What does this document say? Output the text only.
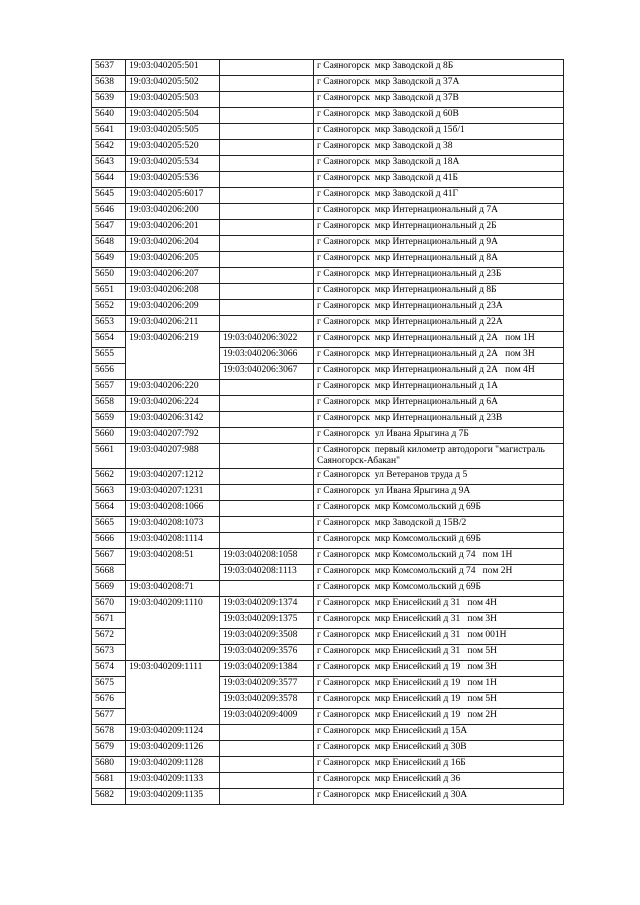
5637	19:03:040205:501		г Саяногорск  мкр Заводской д 8Б
5638	19:03:040205:502		г Саяногорск  мкр Заводской д 37А
5639	19:03:040205:503		г Саяногорск  мкр Заводской д 37В
5640	19:03:040205:504		г Саяногорск  мкр Заводской д 60В
5641	19:03:040205:505		г Саяногорск  мкр Заводской д 15б/1
5642	19:03:040205:520		г Саяногорск  мкр Заводской д 38
5643	19:03:040205:534		г Саяногорск  мкр Заводской д 18А
5644	19:03:040205:536		г Саяногорск  мкр Заводской д 41Б
5645	19:03:040205:6017		г Саяногорск  мкр Заводской д 41Г
5646	19:03:040206:200		г Саяногорск  мкр Интернациональный д 7А
5647	19:03:040206:201		г Саяногорск  мкр Интернациональный д 2Б
5648	19:03:040206:204		г Саяногорск  мкр Интернациональный д 9А
5649	19:03:040206:205		г Саяногорск  мкр Интернациональный д 8А
5650	19:03:040206:207		г Саяногорск  мкр Интернациональный д 23Б
5651	19:03:040206:208		г Саяногорск  мкр Интернациональный д 8Б
5652	19:03:040206:209		г Саяногорск  мкр Интернациональный д 23А
5653	19:03:040206:211		г Саяногорск  мкр Интернациональный д 22А
5654	19:03:040206:219	19:03:040206:3022	г Саяногорск  мкр Интернациональный д 2А   пом 1Н
5655		19:03:040206:3066	г Саяногорск  мкр Интернациональный д 2А   пом 3Н
5656		19:03:040206:3067	г Саяногорск  мкр Интернациональный д 2А   пом 4Н
5657	19:03:040206:220		г Саяногорск  мкр Интернациональный д 1А
5658	19:03:040206:224		г Саяногорск  мкр Интернациональный д 6А
5659	19:03:040206:3142		г Саяногорск  мкр Интернациональный д 23В
5660	19:03:040207:792		г Саяногорск  ул Ивана Ярыгина д 7Б
5661	19:03:040207:988		г Саяногорск  первый километр автодороги "магистраль Саяногорск-Абакан"
5662	19:03:040207:1212		г Саяногорск  ул Ветеранов труда д 5
5663	19:03:040207:1231		г Саяногорск  ул Ивана Ярыгина д 9А
5664	19:03:040208:1066		г Саяногорск  мкр Комсомольский д 69Б
5665	19:03:040208:1073		г Саяногорск  мкр Заводской д 15В/2
5666	19:03:040208:1114		г Саяногорск  мкр Комсомольский д 69Б
5667	19:03:040208:51	19:03:040208:1058	г Саяногорск  мкр Комсомольский д 74   пом 1Н
5668		19:03:040208:1113	г Саяногорск  мкр Комсомольский д 74   пом 2Н
5669	19:03:040208:71		г Саяногорск  мкр Комсомольский д 69Б
5670	19:03:040209:1110	19:03:040209:1374	г Саяногорск  мкр Енисейский д 31   пом 4Н
5671		19:03:040209:1375	г Саяногорск  мкр Енисейский д 31   пом 3Н
5672		19:03:040209:3508	г Саяногорск  мкр Енисейский д 31   пом 001Н
5673		19:03:040209:3576	г Саяногорск  мкр Енисейский д 31   пом 5Н
5674	19:03:040209:1111	19:03:040209:1384	г Саяногорск  мкр Енисейский д 19   пом 3Н
5675		19:03:040209:3577	г Саяногорск  мкр Енисейский д 19   пом 1Н
5676		19:03:040209:3578	г Саяногорск  мкр Енисейский д 19   пом 5Н
5677		19:03:040209:4009	г Саяногорск  мкр Енисейский д 19   пом 2Н
5678	19:03:040209:1124		г Саяногорск  мкр Енисейский д 15А
5679	19:03:040209:1126		г Саяногорск  мкр Енисейский д 30В
5680	19:03:040209:1128		г Саяногорск  мкр Енисейский д 16Б
5681	19:03:040209:1133		г Саяногорск  мкр Енисейский д 36
5682	19:03:040209:1135		г Саяногорск  мкр Енисейский д 30А
